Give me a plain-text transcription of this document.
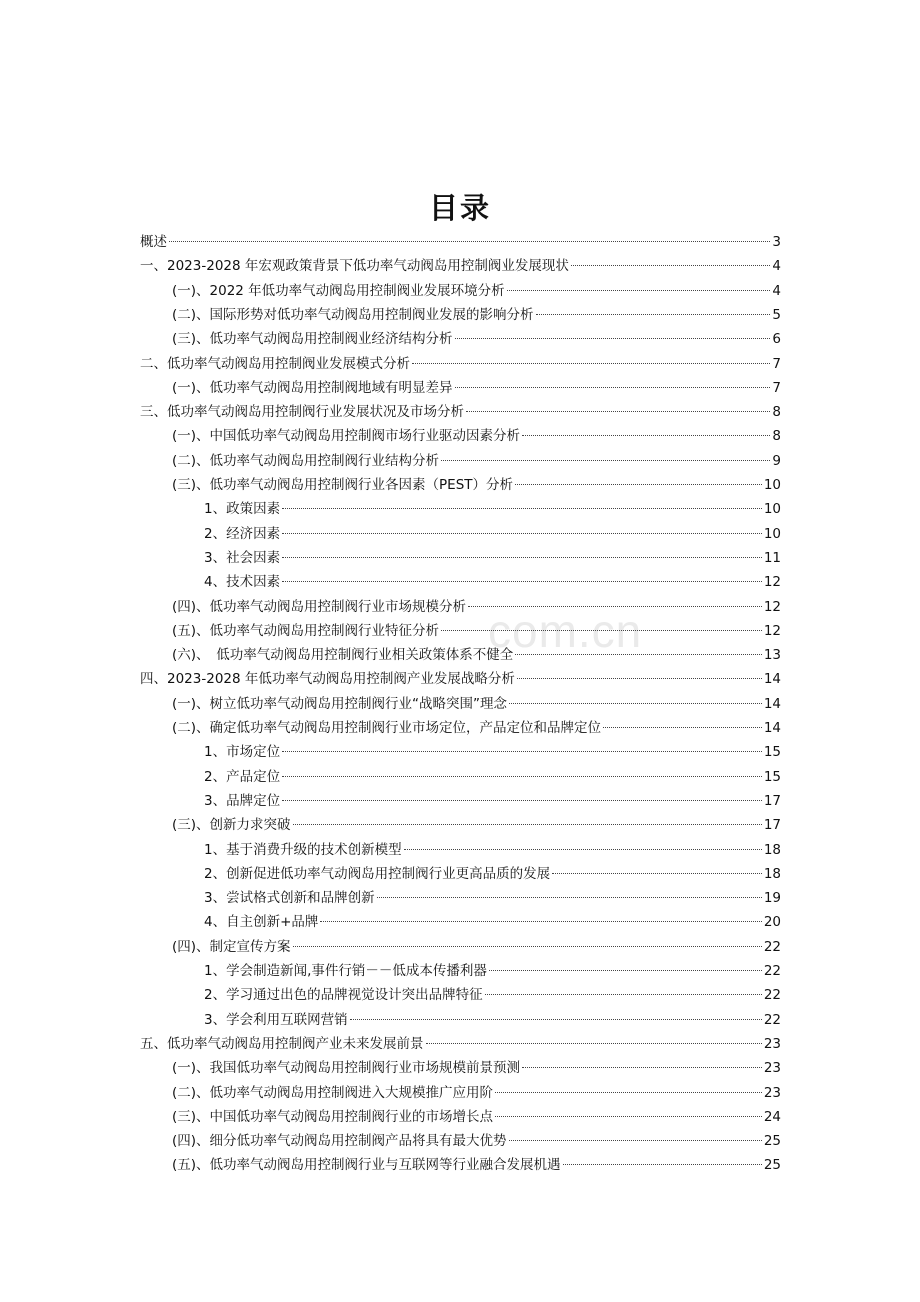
目录
com.cn
概述	3
一、2023-2028 年宏观政策背景下低功率气动阀岛用控制阀业发展现状	4
(一)、2022 年低功率气动阀岛用控制阀业发展环境分析	4
(二)、国际形势对低功率气动阀岛用控制阀业发展的影响分析	5
(三)、低功率气动阀岛用控制阀业经济结构分析	6
二、低功率气动阀岛用控制阀业发展模式分析	7
(一)、低功率气动阀岛用控制阀地域有明显差异	7
三、低功率气动阀岛用控制阀行业发展状况及市场分析	8
(一)、中国低功率气动阀岛用控制阀市场行业驱动因素分析	8
(二)、低功率气动阀岛用控制阀行业结构分析	9
(三)、低功率气动阀岛用控制阀行业各因素（PEST）分析	10
1、政策因素	10
2、经济因素	10
3、社会因素	11
4、技术因素	12
(四)、低功率气动阀岛用控制阀行业市场规模分析	12
(五)、低功率气动阀岛用控制阀行业特征分析	12
(六)、　低功率气动阀岛用控制阀行业相关政策体系不健全	13
四、2023-2028 年低功率气动阀岛用控制阀产业发展战略分析	14
(一)、树立低功率气动阀岛用控制阀行业“战略突围”理念	14
(二)、确定低功率气动阀岛用控制阀行业市场定位，产品定位和品牌定位	14
1、市场定位	15
2、产品定位	15
3、品牌定位	17
(三)、创新力求突破	17
1、基于消费升级的技术创新模型	18
2、创新促进低功率气动阀岛用控制阀行业更高品质的发展	18
3、尝试格式创新和品牌创新	19
4、自主创新+品牌	20
(四)、制定宣传方案	22
1、学会制造新闻,事件行销－－低成本传播利器	22
2、学习通过出色的品牌视觉设计突出品牌特征	22
3、学会利用互联网营销	22
五、低功率气动阀岛用控制阀产业未来发展前景	23
(一)、我国低功率气动阀岛用控制阀行业市场规模前景预测	23
(二)、低功率气动阀岛用控制阀进入大规模推广应用阶	23
(三)、中国低功率气动阀岛用控制阀行业的市场增长点	24
(四)、细分低功率气动阀岛用控制阀产品将具有最大优势	25
(五)、低功率气动阀岛用控制阀行业与互联网等行业融合发展机遇	25
